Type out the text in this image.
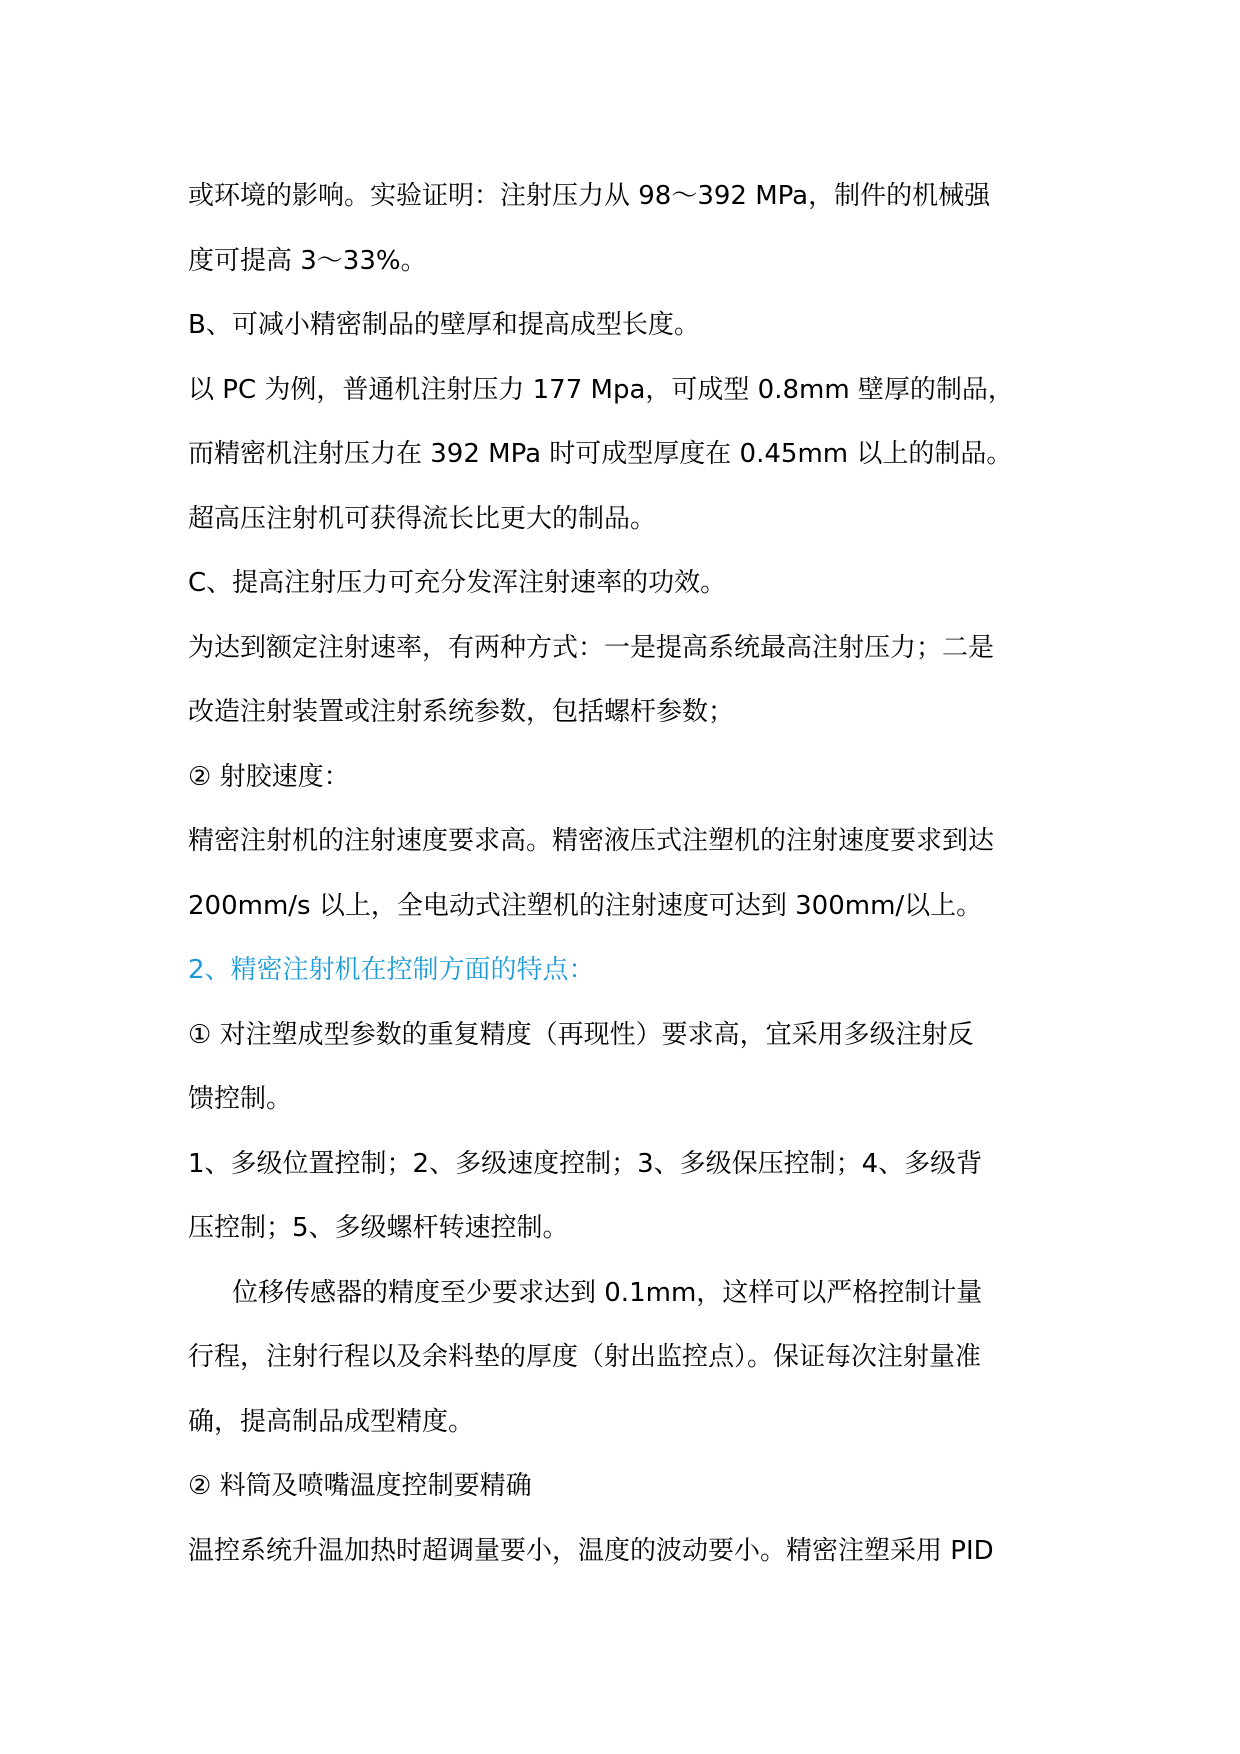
或环境的影响。实验证明：注射压力从 98～392 MPa，制件的机械强
度可提高 3～33%。
B、可减小精密制品的壁厚和提高成型长度。
以 PC 为例，普通机注射压力 177 Mpa，可成型 0.8mm 壁厚的制品，
而精密机注射压力在 392 MPa 时可成型厚度在 0.45mm 以上的制品。
超高压注射机可获得流长比更大的制品。
C、提高注射压力可充分发浑注射速率的功效。
为达到额定注射速率，有两种方式：一是提高系统最高注射压力；二是
改造注射装置或注射系统参数，包括螺杆参数；
② 射胶速度：
精密注射机的注射速度要求高。精密液压式注塑机的注射速度要求到达
200mm/s 以上，全电动式注塑机的注射速度可达到 300mm/以上。
2、精密注射机在控制方面的特点：
① 对注塑成型参数的重复精度（再现性）要求高，宜采用多级注射反
馈控制。
1、多级位置控制；2、多级速度控制；3、多级保压控制；4、多级背
压控制；5、多级螺杆转速控制。
位移传感器的精度至少要求达到 0.1mm，这样可以严格控制计量
行程，注射行程以及余料垫的厚度（射出监控点）。保证每次注射量准
确，提高制品成型精度。
② 料筒及喷嘴温度控制要精确
温控系统升温加热时超调量要小，温度的波动要小。精密注塑采用 PID
